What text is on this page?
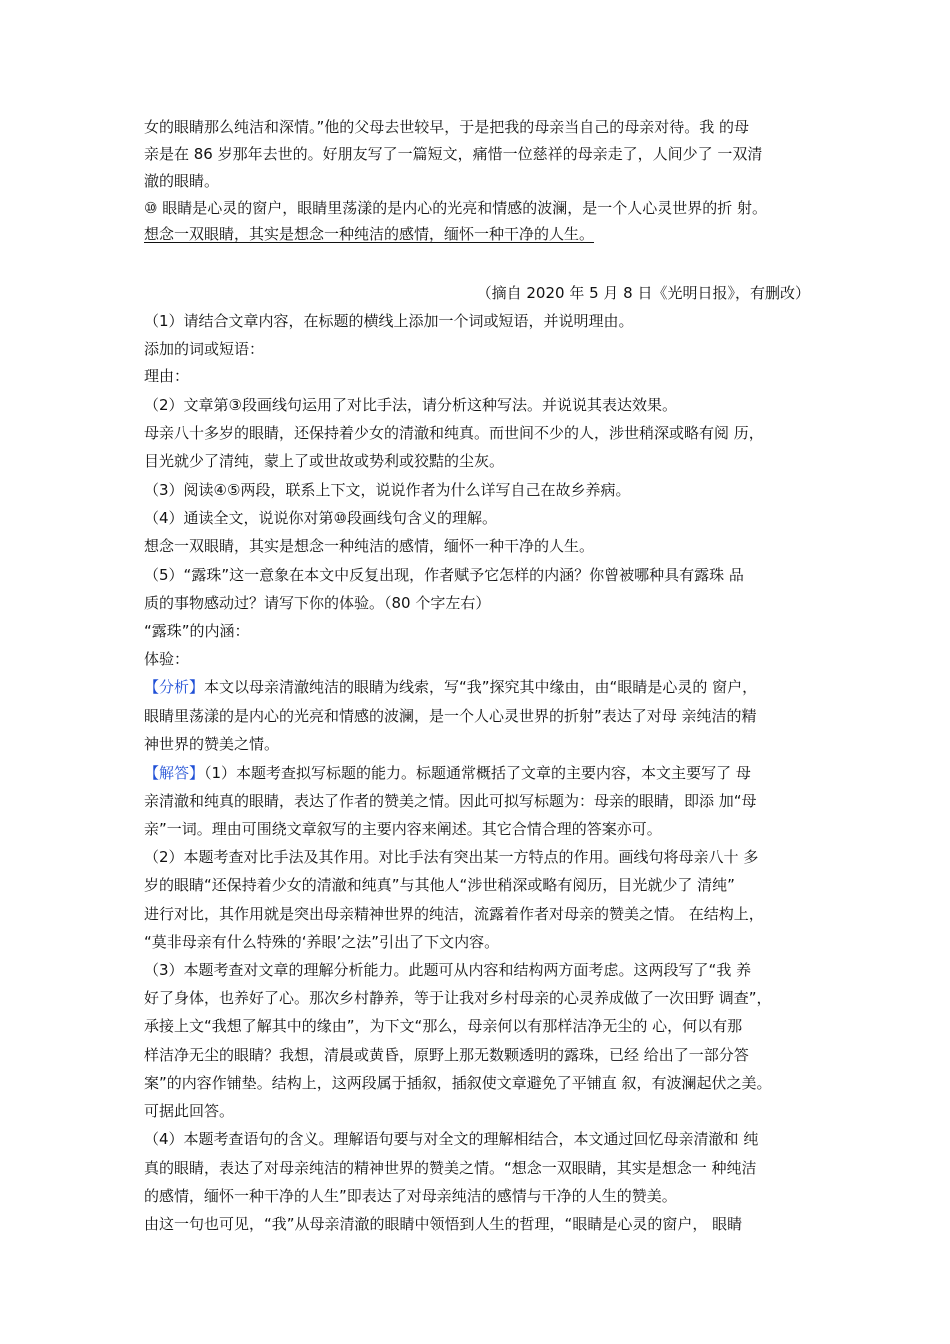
女的眼睛那么纯洁和深情。”他的父母去世较早，于是把我的母亲当自己的母亲对待。我 的母
亲是在 86 岁那年去世的。好朋友写了一篇短文，痛惜一位慈祥的母亲走了，人间少了 一双清
澈的眼睛。
⑩ 眼睛是心灵的窗户，眼睛里荡漾的是内心的光亮和情感的波澜，是一个人心灵世界的折 射。
想念一双眼睛，其实是想念一种纯洁的感情，缅怀一种干净的人生。
（摘自 2020 年 5 月 8 日《光明日报》，有删改）
（1）请结合文章内容，在标题的横线上添加一个词或短语，并说明理由。
添加的词或短语：
理由：
（2）文章第③段画线句运用了对比手法，请分析这种写法。并说说其表达效果。
母亲八十多岁的眼睛，还保持着少女的清澈和纯真。而世间不少的人，涉世稍深或略有阅 历，
目光就少了清纯，蒙上了或世故或势利或狡黠的尘灰。
（3）阅读④⑤两段，联系上下文，说说作者为什么详写自己在故乡养病。
（4）通读全文，说说你对第⑩段画线句含义的理解。
想念一双眼睛，其实是想念一种纯洁的感情，缅怀一种干净的人生。
（5）“露珠”这一意象在本文中反复出现，作者赋予它怎样的内涵？你曾被哪种具有露珠 品
质的事物感动过？请写下你的体验。（80 个字左右）
“露珠”的内涵：
体验：
【分析】本文以母亲清澈纯洁的眼睛为线索，写“我”探究其中缘由，由“眼睛是心灵的 窗户，
眼睛里荡漾的是内心的光亮和情感的波澜，是一个人心灵世界的折射”表达了对母 亲纯洁的精
神世界的赞美之情。
【解答】（1）本题考查拟写标题的能力。标题通常概括了文章的主要内容，本文主要写了 母
亲清澈和纯真的眼睛，表达了作者的赞美之情。因此可拟写标题为：母亲的眼睛，即添 加“母
亲”一词。理由可围绕文章叙写的主要内容来阐述。其它合情合理的答案亦可。
（2）本题考查对比手法及其作用。对比手法有突出某一方特点的作用。画线句将母亲八十 多
岁的眼睛“还保持着少女的清澈和纯真”与其他人“涉世稍深或略有阅历，目光就少了 清纯”
进行对比，其作用就是突出母亲精神世界的纯洁，流露着作者对母亲的赞美之情。 在结构上，
“莫非母亲有什么特殊的‘养眼’之法”引出了下文内容。
（3）本题考查对文章的理解分析能力。此题可从内容和结构两方面考虑。这两段写了“我 养
好了身体，也养好了心。那次乡村静养，等于让我对乡村母亲的心灵养成做了一次田野 调查”，
承接上文“我想了解其中的缘由”，为下文“那么，母亲何以有那样洁净无尘的 心，何以有那
样洁净无尘的眼睛？我想，清晨或黄昏，原野上那无数颗透明的露珠，已经 给出了一部分答
案”的内容作铺垫。结构上，这两段属于插叙，插叙使文章避免了平铺直 叙，有波澜起伏之美。
可据此回答。
（4）本题考查语句的含义。理解语句要与对全文的理解相结合，本文通过回忆母亲清澈和 纯
真的眼睛，表达了对母亲纯洁的精神世界的赞美之情。“想念一双眼睛，其实是想念一 种纯洁
的感情，缅怀一种干净的人生”即表达了对母亲纯洁的感情与干净的人生的赞美。
由这一句也可见，“我”从母亲清澈的眼睛中领悟到人生的哲理，“眼睛是心灵的窗户， 眼睛
